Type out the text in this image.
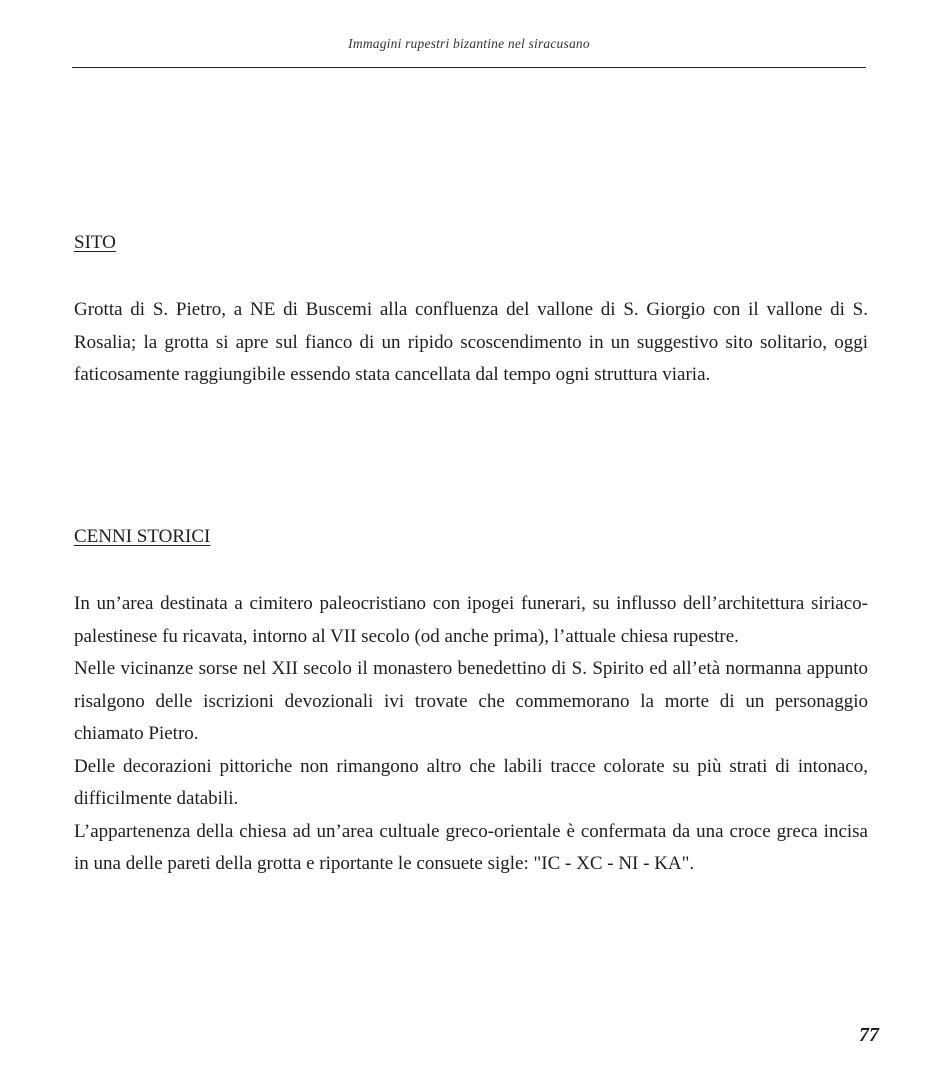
Immagini rupestri bizantine nel siracusano
SITO

Grotta di S. Pietro, a NE di Buscemi alla confluenza del vallone di S. Giorgio con il vallone di S. Rosalia; la grotta si apre sul fianco di un ripido scoscendimento in un suggestivo sito solitario, oggi faticosamente raggiungibile essendo stata cancellata dal tempo ogni struttura viaria.

CENNI STORICI

In un’area destinata a cimitero paleocristiano con ipogei funerari, su influsso dell’architettura siriaco-palestinese fu ricavata, intorno al VII secolo (od anche prima), l’attuale chiesa rupestre.

Nelle vicinanze sorse nel XII secolo il monastero benedettino di S. Spirito ed all’età normanna appunto risalgono delle iscrizioni devozionali ivi trovate che commemorano la morte di un personaggio chiamato Pietro.

Delle decorazioni pittoriche non rimangono altro che labili tracce colorate su più strati di intonaco, difficilmente databili.

L’appartenenza della chiesa ad un’area cultuale greco-orientale è confermata da una croce greca incisa in una delle pareti della grotta e riportante le consuete sigle: "IC - XC - NI - KA".

77
